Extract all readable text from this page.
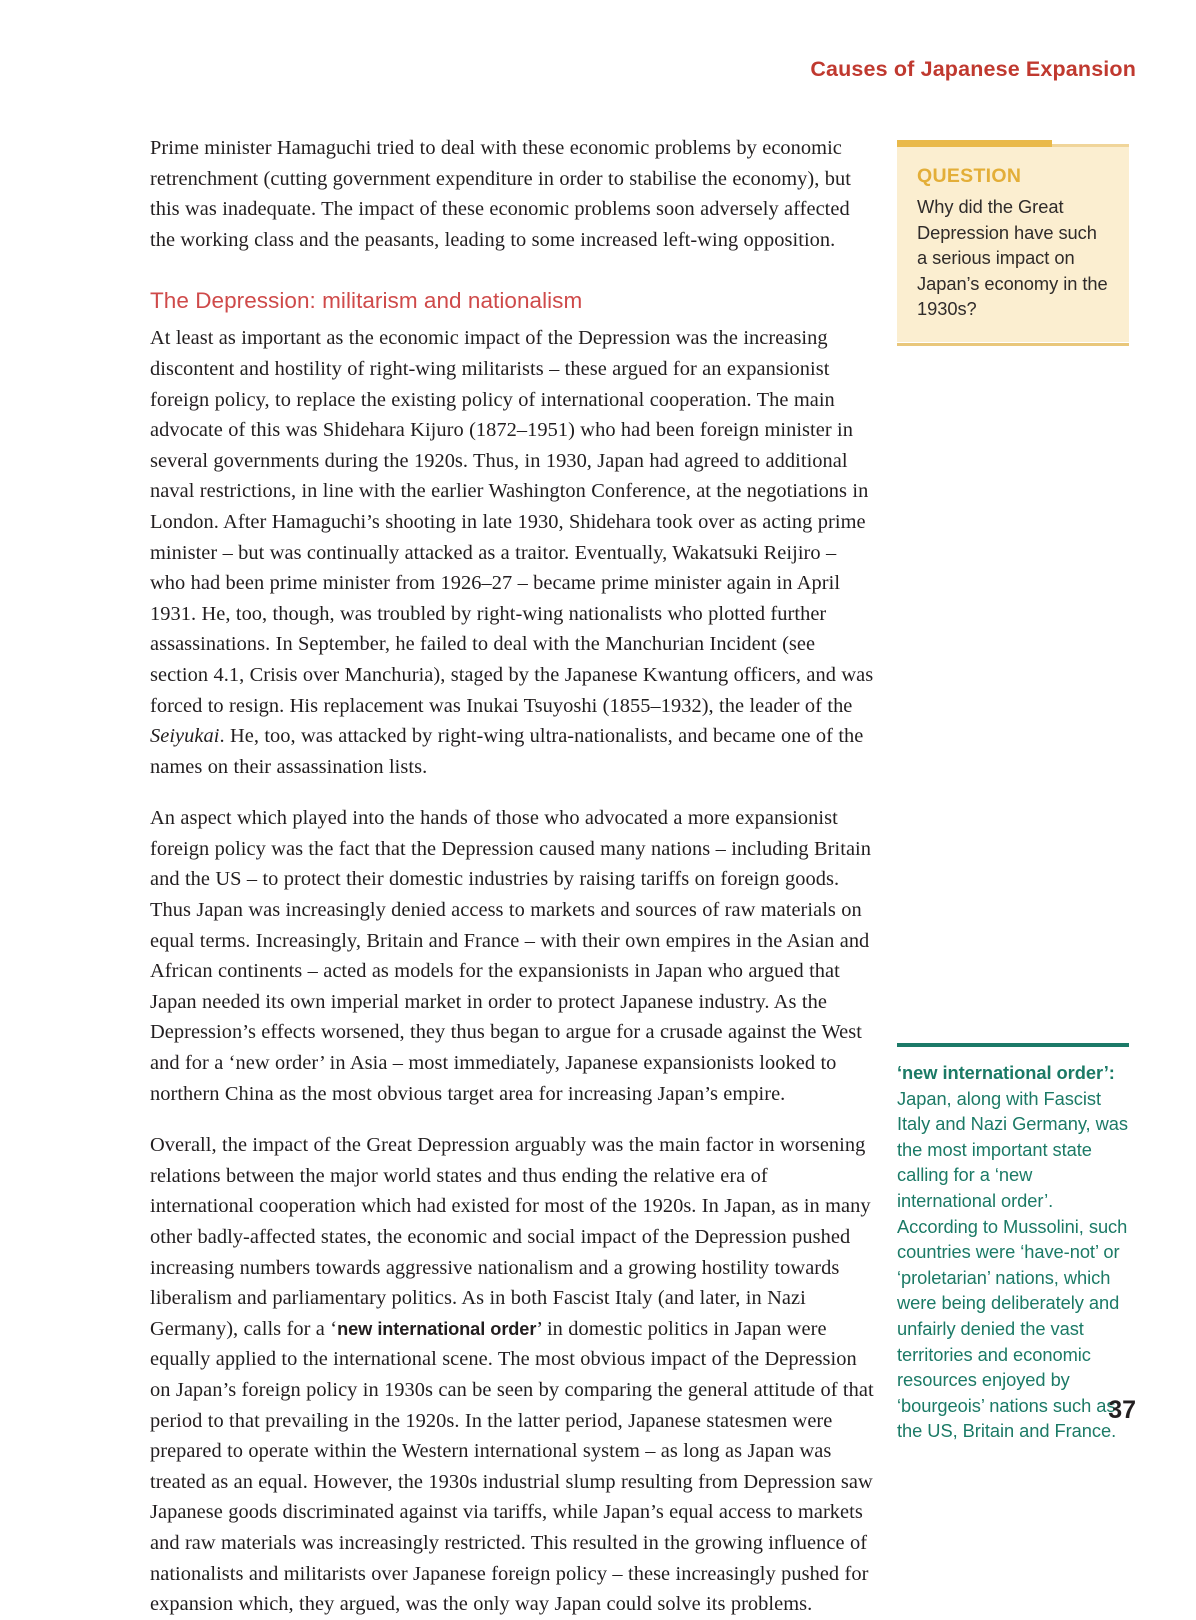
Causes of Japanese Expansion

Prime minister Hamaguchi tried to deal with these economic problems by economic retrenchment (cutting government expenditure in order to stabilise the economy), but this was inadequate. The impact of these economic problems soon adversely affected the working class and the peasants, leading to some increased left-wing opposition.

The Depression: militarism and nationalism

At least as important as the economic impact of the Depression was the increasing discontent and hostility of right-wing militarists – these argued for an expansionist foreign policy, to replace the existing policy of international cooperation. The main advocate of this was Shidehara Kijuro (1872–1951) who had been foreign minister in several governments during the 1920s. Thus, in 1930, Japan had agreed to additional naval restrictions, in line with the earlier Washington Conference, at the negotiations in London. After Hamaguchi’s shooting in late 1930, Shidehara took over as acting prime minister – but was continually attacked as a traitor. Eventually, Wakatsuki Reijiro – who had been prime minister from 1926–27 – became prime minister again in April 1931. He, too, though, was troubled by right-wing nationalists who plotted further assassinations. In September, he failed to deal with the Manchurian Incident (see section 4.1, Crisis over Manchuria), staged by the Japanese Kwantung officers, and was forced to resign. His replacement was Inukai Tsuyoshi (1855–1932), the leader of the Seiyukai. He, too, was attacked by right-wing ultra-nationalists, and became one of the names on their assassination lists.

An aspect which played into the hands of those who advocated a more expansionist foreign policy was the fact that the Depression caused many nations – including Britain and the US – to protect their domestic industries by raising tariffs on foreign goods. Thus Japan was increasingly denied access to markets and sources of raw materials on equal terms. Increasingly, Britain and France – with their own empires in the Asian and African continents – acted as models for the expansionists in Japan who argued that Japan needed its own imperial market in order to protect Japanese industry. As the Depression’s effects worsened, they thus began to argue for a crusade against the West and for a ‘new order’ in Asia – most immediately, Japanese expansionists looked to northern China as the most obvious target area for increasing Japan’s empire.

Overall, the impact of the Great Depression arguably was the main factor in worsening relations between the major world states and thus ending the relative era of international cooperation which had existed for most of the 1920s. In Japan, as in many other badly-affected states, the economic and social impact of the Depression pushed increasing numbers towards aggressive nationalism and a growing hostility towards liberalism and parliamentary politics. As in both Fascist Italy (and later, in Nazi Germany), calls for a ‘new international order’ in domestic politics in Japan were equally applied to the international scene. The most obvious impact of the Depression on Japan’s foreign policy in 1930s can be seen by comparing the general attitude of that period to that prevailing in the 1920s. In the latter period, Japanese statesmen were prepared to operate within the Western international system – as long as Japan was treated as an equal. However, the 1930s industrial slump resulting from Depression saw Japanese goods discriminated against via tariffs, while Japan’s equal access to markets and raw materials was increasingly restricted. This resulted in the growing influence of nationalists and militarists over Japanese foreign policy – these increasingly pushed for expansion which, they argued, was the only way Japan could solve its problems.

QUESTION

Why did the Great Depression have such a serious impact on Japan’s economy in the 1930s?

‘new international order’: Japan, along with Fascist Italy and Nazi Germany, was the most important state calling for a ‘new international order’. According to Mussolini, such countries were ‘have-not’ or ‘proletarian’ nations, which were being deliberately and unfairly denied the vast territories and economic resources enjoyed by ‘bourgeois’ nations such as the US, Britain and France.

37
